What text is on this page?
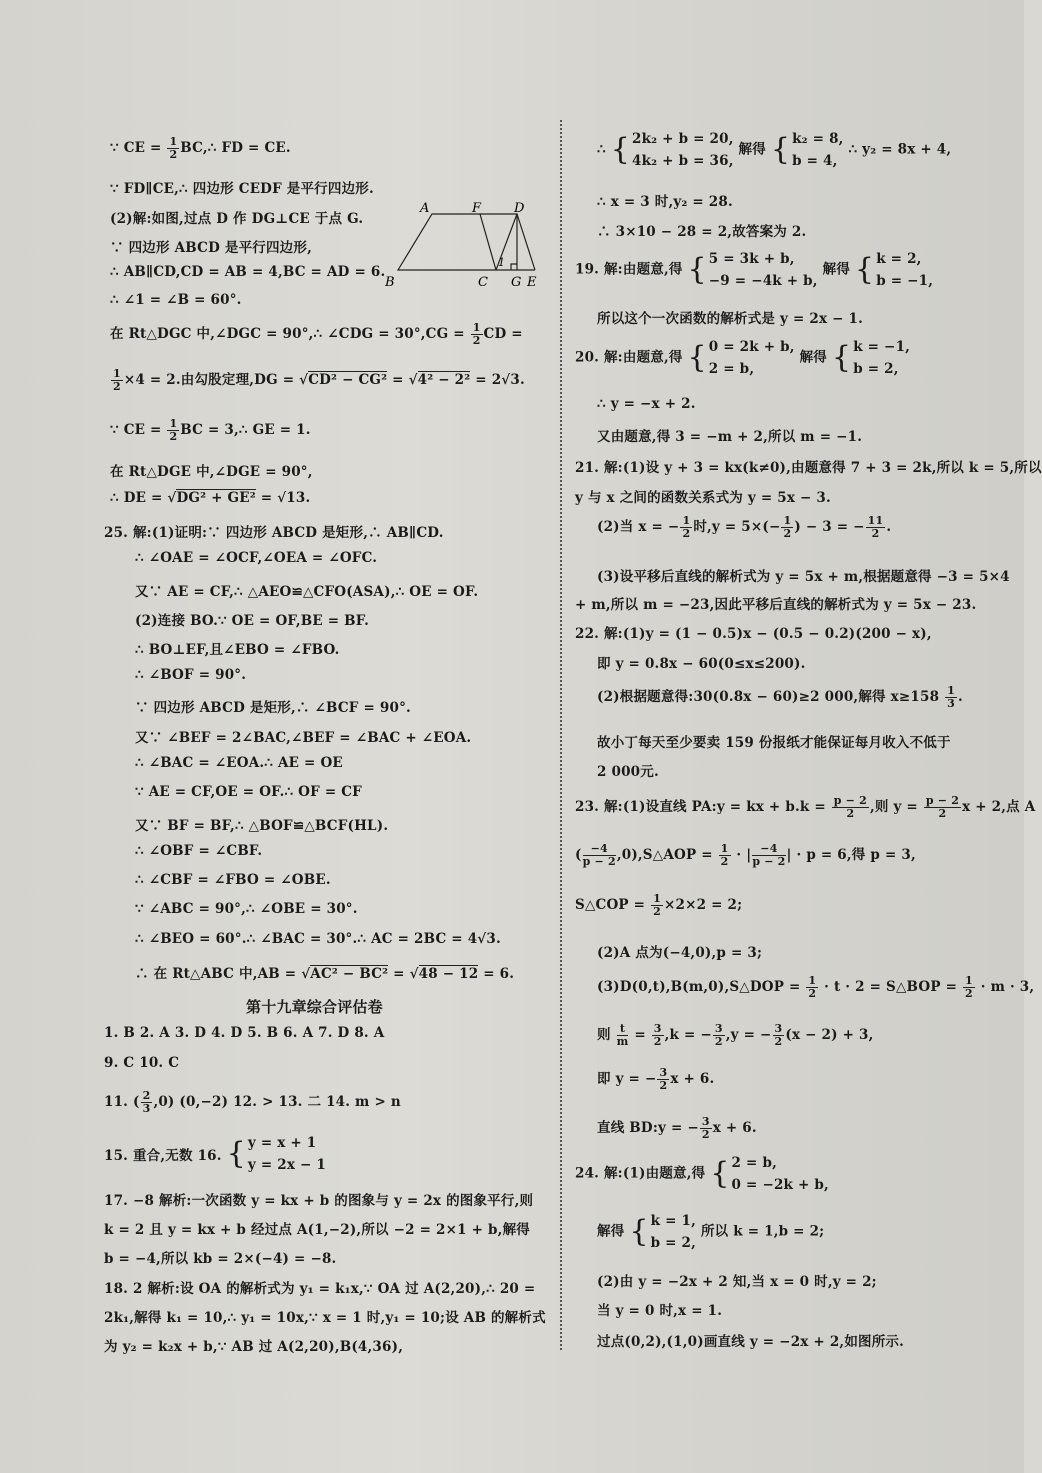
∵ CE = $\frac{1}{2}$ BC,∴ FD = CE.
∵ FD∥CE,∴ 四边形 CEDF 是平行四边形.
(2)解:如图,过点 D 作 DG⊥CE 于点 G.
∵ 四边形 ABCD 是平行四边形,
∴ AB∥CD,CD = AB = 4,BC = AD = 6.
∴ ∠1 = ∠B = 60°.
在 Rt△DGC 中,∠DGC = 90°,∴ ∠CDG = $30^\circ,CG = \frac{1}{2}$ CD =
$\frac{1}{2} \times 4 = 2$.由勾股定理,DG = √CD² − CG² = √4² − 2² = 2√3.
∵ CE = $\frac{1}{2}$ BC = 3,∴ GE = 1.
在 Rt△DGE 中,∠DGE = 90°,
∴ DE = √DG² + GE² = √13.
25. 解:(1)证明:∵ 四边形 ABCD 是矩形,∴ AB∥CD.
∴ ∠OAE = ∠OCF,∠OEA = ∠OFC.
又∵ AE = CF,∴ △AEO≌△CFO(ASA),∴ OE = OF.
(2)连接 BO.∵ OE = OF,BE = BF.
∴ BO⊥EF,且∠EBO = ∠FBO.
∴ ∠BOF = 90°.
∵ 四边形 ABCD 是矩形,∴ ∠BCF = 90°.
又∵ ∠BEF = 2∠BAC,∠BEF = ∠BAC + ∠EOA.
∴ ∠BAC = ∠EOA.∴ AE = OE
∵ AE = CF,OE = OF.∴ OF = CF
又∵ BF = BF,∴ △BOF≌△BCF(HL).
∴ ∠OBF = ∠CBF.
∴ ∠CBF = ∠FBO = ∠OBE.
∵ ∠ABC = 90°,∴ ∠OBE = 30°.
∴ ∠BEO = 60°.∴ ∠BAC = 30°.∴ AC = 2BC = 4√3.
∴ 在 Rt△ABC 中,AB = √AC² − BC² = √48 − 12 = 6.
第十九章综合评估卷
1. B 2. A 3. D 4. D 5. B 6. A 7. D 8. A
9. C 10. C
11. ( $\frac{2}{3} ,0$) (0,−2) 12. > 13. 二 14. m > n
15. 重合,无数 16. { y = x + 1
y = 2x − 1
17. −8 解析:一次函数 y = kx + b 的图象与 y = 2x 的图象平行,则
k = 2 且 y = kx + b 经过点 A(1,−2),所以 −2 = 2×1 + b,解得
b = −4,所以 kb = 2×(−4) = −8.
18. 2 解析:设 OA 的解析式为 y₁ = k₁x,∵ OA 过 A(2,20),∴ 20 =
2k₁,解得 k₁ = 10,∴ y₁ = 10x,∵ x = 1 时,y₁ = 10;设 AB 的解析式
为 y₂ = k₂x + b,∵ AB 过 A(2,20),B(4,36),
A	F	D
B	C G E
1
∴ { 2k₂ + b = 20,
4k₂ + b = 36,
解得 { k₂ = 8,
b = 4,
∴ y₂ = 8x + 4,
∴ x = 3 时,y₂ = 28.
∴ 3×10 − 28 = 2,故答案为 2.
19. 解:由题意,得 { 5 = 3k + b,
−9 = −4k + b,
解得 { k = 2,
b = −1,
所以这个一次函数的解析式是 y = 2x − 1.
20. 解:由题意,得 { 0 = 2k + b,
2 = b,
解得 { k = −1,
b = 2,
∴ y = −x + 2.
又由题意,得 3 = −m + 2,所以 m = −1.
21. 解:(1)设 y + 3 = kx(k≠0),由题意得 7 + 3 = 2k,所以 k = 5,所以
y 与 x 之间的函数关系式为 y = 5x − 3.
(2)当 x = − $\frac{1}{2}$ 时$,y = 5\times(- \frac{1}{2}$ ) − 3 = − $\frac{11}{2}$ .
(3)设平移后直线的解析式为 y = 5x + m,根据题意得 −3 = 5×4
+ m,所以 m = −23,因此平移后直线的解析式为 y = 5x − 23.
22. 解:(1)y = (1 − 0.5)x − (0.5 − 0.2)(200 − x),
即 y = 0.8x − 60(0≤x≤200).
(2)根据题意得:30(0.8x − 60)≥2 000,解得 $x\ge 158 \frac{1}{3}$ .
故小丁每天至少要卖 159 份报纸才能保证每月收入不低于
2 000元.
23. 解:(1)设直线 PA:y = kx + $b.k = \frac{p - 2}{2}$ ,则 $y = \frac{p - 2}{2}$ x + 2,点 A
( $\frac{-4}{p - 2}$ ,0),S△AOP = $\frac{1}{2}$ · | $\frac{-4}{p - 2}$ | · p = 6,得 p = 3,
S△COP = $\frac{1}{2} \times 2\times 2 = 2$;
(2)A 点为(−4,0),p = 3;
(3)D(0,t),B(m,0),S△DOP = $\frac{1}{2} \cdot t \cdot 2$ = S△BOP = $\frac{1}{2} \cdot m \cdot 3$,
则 $\frac{t}{m} = \frac{3}{2} ,k$ = − $\frac{3}{2} ,y$ = − $\frac{3}{2} (x - 2) + 3$,
即 y = − $\frac{3}{2}$ x + 6.
直线 BD:y = − $\frac{3}{2}$ x + 6.
24. 解:(1)由题意,得 { 2 = b,
0 = −2k + b,
解得 { k = 1,
b = 2,
所以 k = 1,b = 2;
(2)由 y = −2x + 2 知,当 x = 0 时,y = 2;
当 y = 0 时,x = 1.
过点(0,2),(1,0)画直线 y = −2x + 2,如图所示.
